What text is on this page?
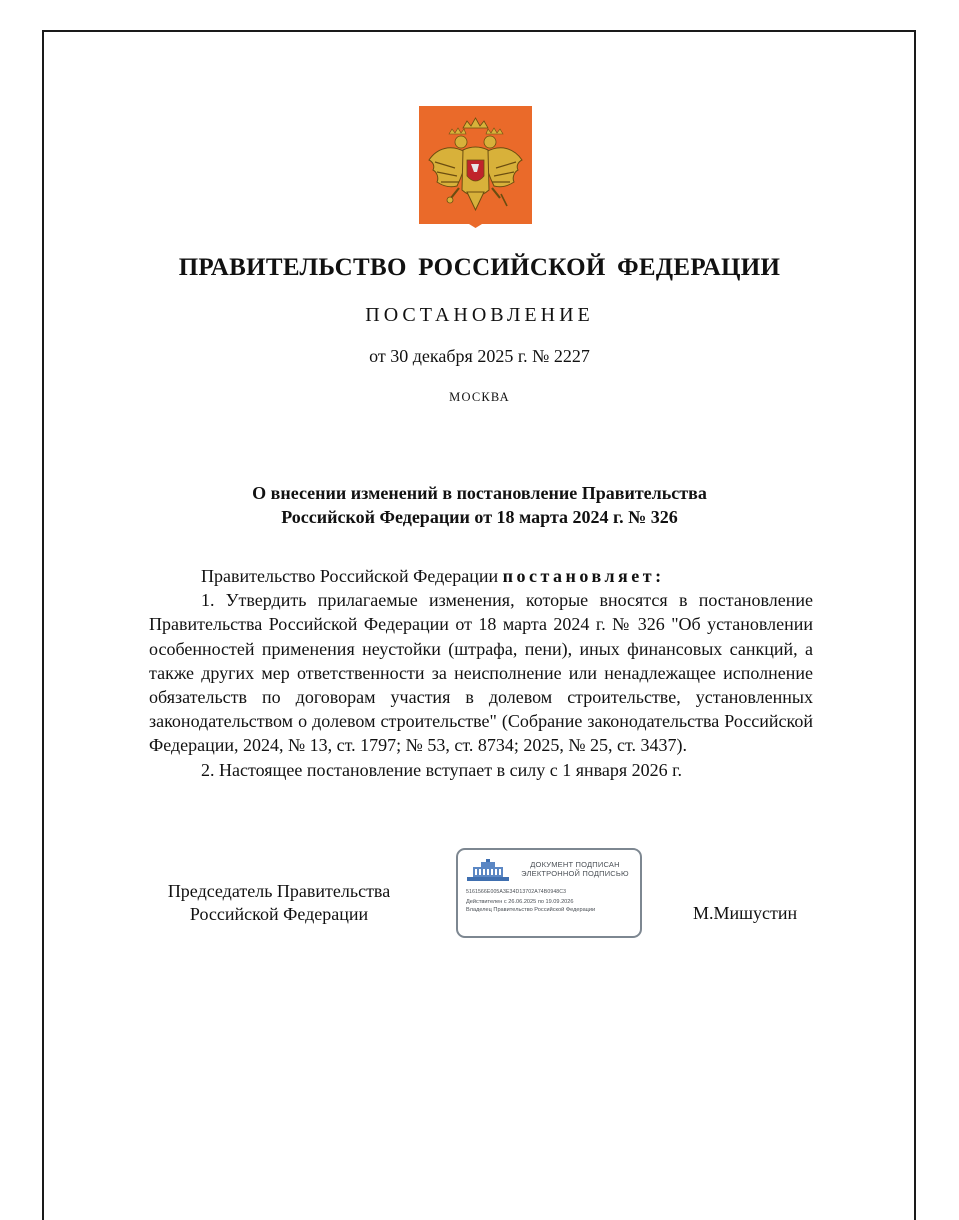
ПРАВИТЕЛЬСТВО РОССИЙСКОЙ ФЕДЕРАЦИИ
ПОСТАНОВЛЕНИЕ
от 30 декабря 2025 г. № 2227
МОСКВА
О внесении изменений в постановление Правительства
Российской Федерации от 18 марта 2024 г. № 326

Правительство Российской Федерации постановляет:

1. Утвердить прилагаемые изменения, которые вносятся в постановление Правительства Российской Федерации от 18 марта 2024 г. № 326 "Об установлении особенностей применения неустойки (штрафа, пени), иных финансовых санкций, а также других мер ответственности за неисполнение или ненадлежащее исполнение обязательств по договорам участия в долевом строительстве, установленных законодательством о долевом строительстве" (Собрание законодательства Российской Федерации, 2024, № 13, ст. 1797; № 53, ст. 8734; 2025, № 25, ст. 3437).

2. Настоящее постановление вступает в силу с 1 января 2026 г.

Председатель Правительства
Российской Федерации
ДОКУМЕНТ ПОДПИСАН
ЭЛЕКТРОННОЙ ПОДПИСЬЮ
5161566E005A3E34D13702A74B0948C3
Действителен с 26.06.2025 по 19.09.2026
Владелец Правительство Российской Федерации	М.Мишустин
